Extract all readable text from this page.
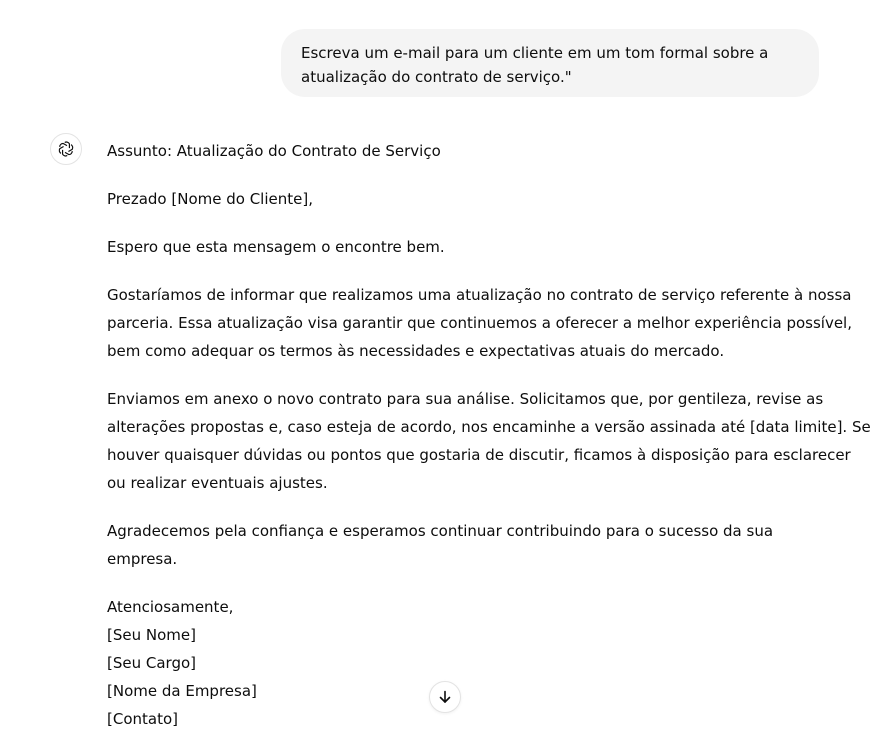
Escreva um e-mail para um cliente em um tom formal sobre a
atualização do contrato de serviço."

Assunto: Atualização do Contrato de Serviço

Prezado [Nome do Cliente],

Espero que esta mensagem o encontre bem.

Gostaríamos de informar que realizamos uma atualização no contrato de serviço referente à nossa
parceria. Essa atualização visa garantir que continuemos a oferecer a melhor experiência possível,
bem como adequar os termos às necessidades e expectativas atuais do mercado.

Enviamos em anexo o novo contrato para sua análise. Solicitamos que, por gentileza, revise as
alterações propostas e, caso esteja de acordo, nos encaminhe a versão assinada até [data limite]. Se
houver quaisquer dúvidas ou pontos que gostaria de discutir, ficamos à disposição para esclarecer
ou realizar eventuais ajustes.

Agradecemos pela confiança e esperamos continuar contribuindo para o sucesso da sua empresa.

Atenciosamente,
[Seu Nome]
[Seu Cargo]
[Nome da Empresa]
[Contato]
